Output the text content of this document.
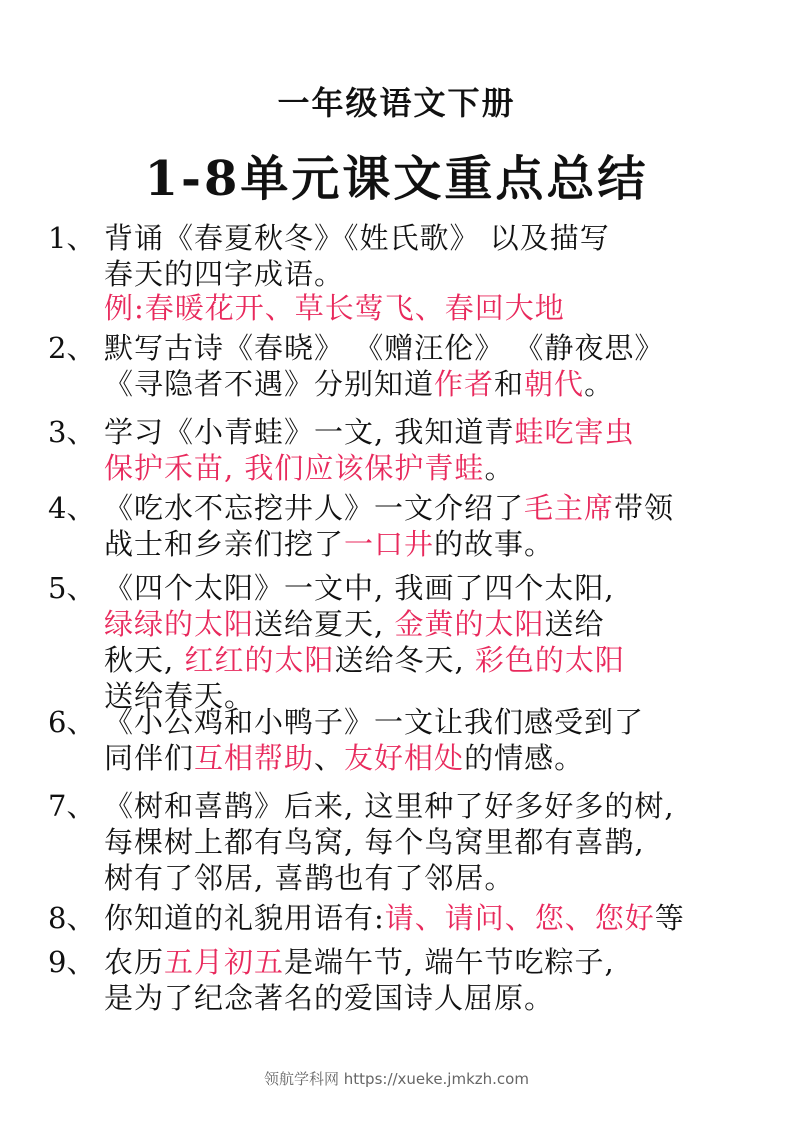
一年级语文下册
1-8单元课文重点总结
1、 背诵《春夏秋冬》《姓氏歌》 以及描写
春天的四字成语。
例:春暖花开、草长莺飞、春回大地
2、 默写古诗《春晓》 《赠汪伦》 《静夜思》
《寻隐者不遇》分别知道作者和朝代。
3、 学习《小青蛙》一文, 我知道青蛙吃害虫
保护禾苗, 我们应该保护青蛙。
4、 《吃水不忘挖井人》一文介绍了毛主席带领
战士和乡亲们挖了一口井的故事。
5、 《四个太阳》一文中, 我画了四个太阳,
绿绿的太阳送给夏天, 金黄的太阳送给
秋天, 红红的太阳送给冬天, 彩色的太阳
送给春天。
6、 《小公鸡和小鸭子》一文让我们感受到了
同伴们互相帮助、友好相处的情感。
7、 《树和喜鹊》后来, 这里种了好多好多的树,
每棵树上都有鸟窝, 每个鸟窝里都有喜鹊,
树有了邻居, 喜鹊也有了邻居。
8、 你知道的礼貌用语有:请、请问、您、您好等
9、 农历五月初五是端午节, 端午节吃粽子,
是为了纪念著名的爱国诗人屈原。
领航学科网 https://xueke.jmkzh.com
